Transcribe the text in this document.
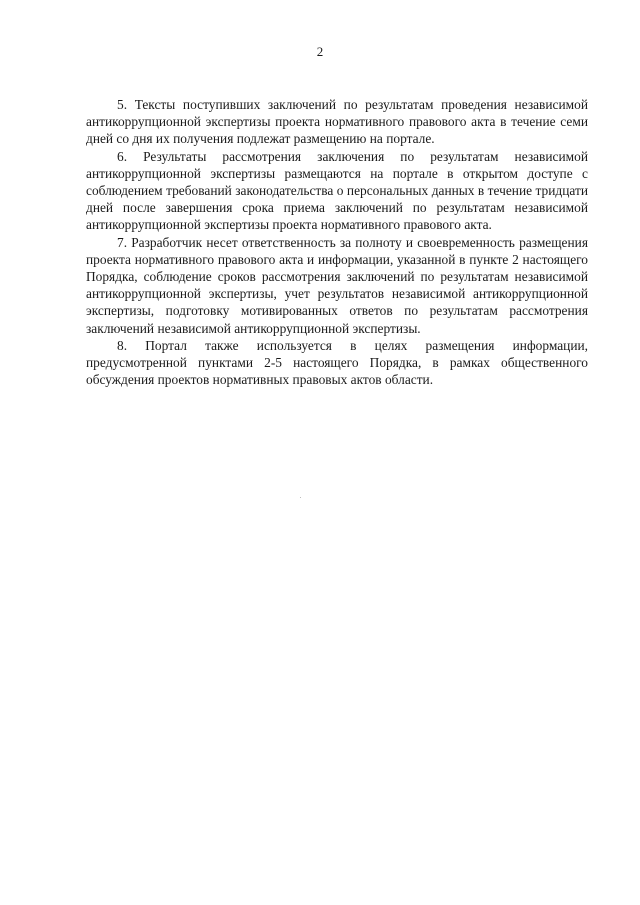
2

5. Тексты поступивших заключений по результатам проведения независимой антикоррупционной экспертизы проекта нормативного правового акта в течение семи дней со дня их получения подлежат размещению на портале.

6. Результаты рассмотрения заключения по результатам независимой антикоррупционной экспертизы размещаются на портале в открытом доступе с соблюдением требований законодательства о персональных данных в течение тридцати дней после завершения срока приема заключений по результатам независимой антикоррупционной экспертизы проекта нормативного правового акта.

7. Разработчик несет ответственность за полноту и своевременность размещения проекта нормативного правового акта и информации, указанной в пункте 2 настоящего Порядка, соблюдение сроков рассмотрения заключений по результатам независимой антикоррупционной экспертизы, учет результатов независимой антикоррупционной экспертизы, подготовку мотивированных ответов по результатам рассмотрения заключений независимой антикоррупционной экспертизы.

8. Портал также используется в целях размещения информации, предусмотренной пунктами 2-5 настоящего Порядка, в рамках общественного обсуждения проектов нормативных правовых актов области.
